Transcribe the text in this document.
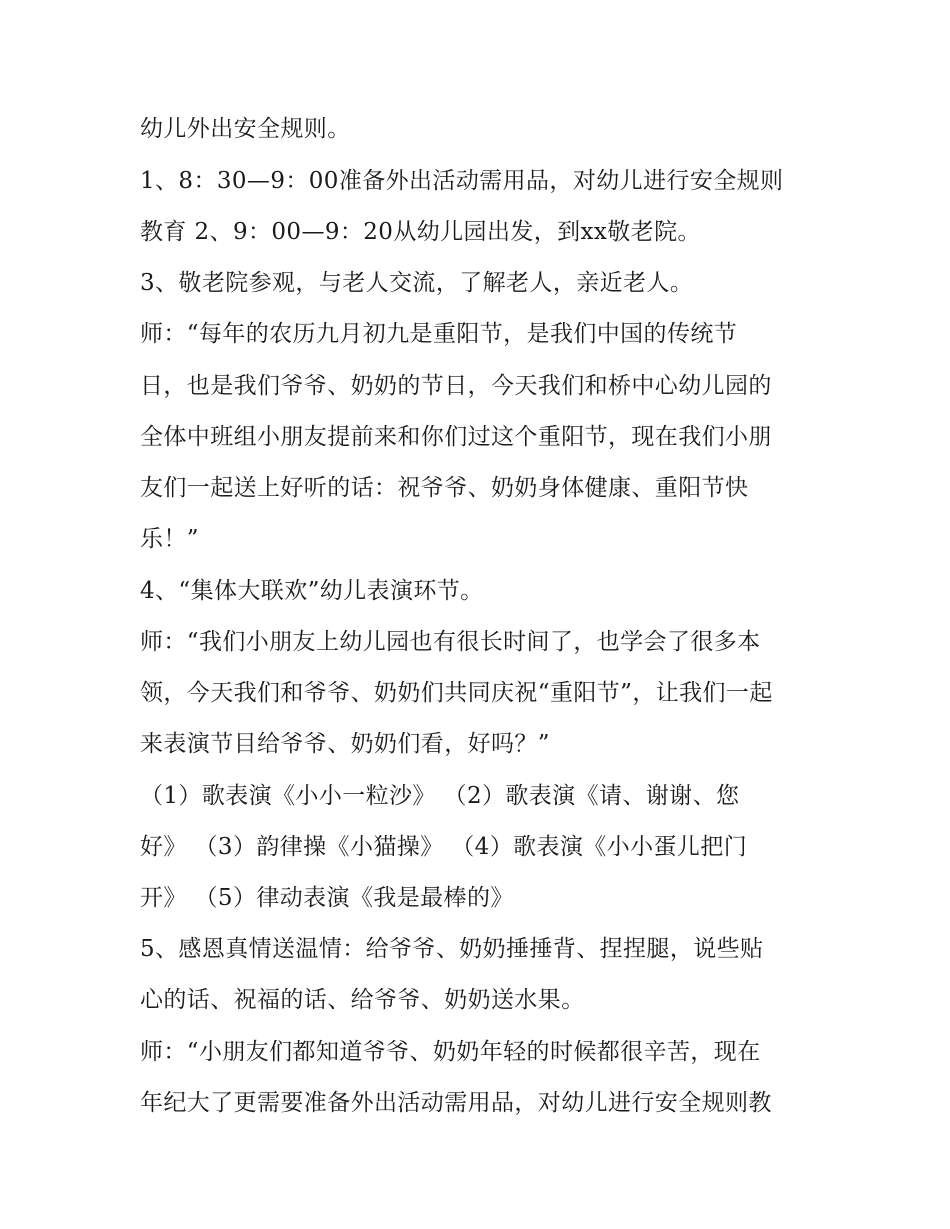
幼儿外出安全规则。
1、8：30—9：00准备外出活动需用品，对幼儿进行安全规则
教育 2、9：00—9：20从幼儿园出发，到xx敬老院。
3、敬老院参观，与老人交流，了解老人，亲近老人。
师：“每年的农历九月初九是重阳节，是我们中国的传统节
日，也是我们爷爷、奶奶的节日，今天我们和桥中心幼儿园的
全体中班组小朋友提前来和你们过这个重阳节，现在我们小朋
友们一起送上好听的话：祝爷爷、奶奶身体健康、重阳节快
乐！”
4、“集体大联欢”幼儿表演环节。
师：“我们小朋友上幼儿园也有很长时间了，也学会了很多本
领，今天我们和爷爷、奶奶们共同庆祝“重阳节”，让我们一起
来表演节目给爷爷、奶奶们看，好吗？”
（1）歌表演《小小一粒沙》 （2）歌表演《请、谢谢、您
好》 （3）韵律操《小猫操》 （4）歌表演《小小蛋儿把门
开》 （5）律动表演《我是最棒的》
5、感恩真情送温情：给爷爷、奶奶捶捶背、捏捏腿，说些贴
心的话、祝福的话、给爷爷、奶奶送水果。
师：“小朋友们都知道爷爷、奶奶年轻的时候都很辛苦，现在
年纪大了更需要准备外出活动需用品，对幼儿进行安全规则教
